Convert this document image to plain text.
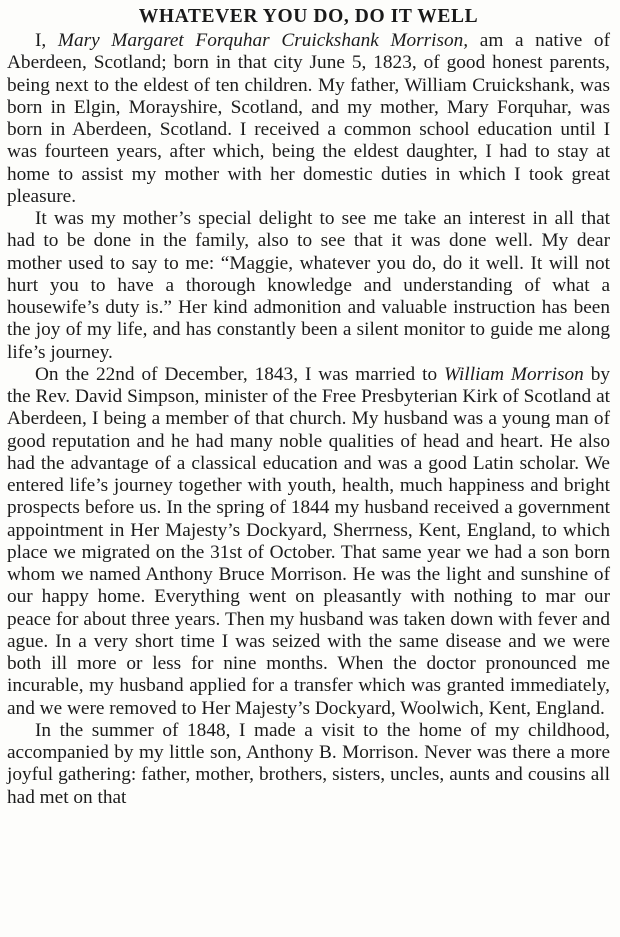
WHATEVER YOU DO, DO IT WELL

I, Mary Margaret Forquhar Cruickshank Morrison, am a native of Aberdeen, Scotland; born in that city June 5, 1823, of good honest parents, being next to the eldest of ten children. My father, William Cruickshank, was born in Elgin, Morayshire, Scotland, and my mother, Mary Forquhar, was born in Aberdeen, Scotland. I received a common school education until I was fourteen years, after which, being the eldest daughter, I had to stay at home to assist my mother with her domestic duties in which I took great pleasure.

It was my mother’s special delight to see me take an interest in all that had to be done in the family, also to see that it was done well. My dear mother used to say to me: “Maggie, whatever you do, do it well. It will not hurt you to have a thorough knowledge and understanding of what a housewife’s duty is.” Her kind admonition and valuable instruction has been the joy of my life, and has constantly been a silent monitor to guide me along life’s journey.

On the 22nd of December, 1843, I was married to William Morrison by the Rev. David Simpson, minister of the Free Presbyterian Kirk of Scotland at Aberdeen, I being a member of that church. My husband was a young man of good reputation and he had many noble qualities of head and heart. He also had the advantage of a classical education and was a good Latin scholar. We entered life’s journey together with youth, health, much happiness and bright prospects before us. In the spring of 1844 my husband received a government appointment in Her Majesty’s Dockyard, Sherrness, Kent, England, to which place we migrated on the 31st of October. That same year we had a son born whom we named Anthony Bruce Morrison. He was the light and sunshine of our happy home. Everything went on pleasantly with nothing to mar our peace for about three years. Then my husband was taken down with fever and ague. In a very short time I was seized with the same disease and we were both ill more or less for nine months. When the doctor pronounced me incurable, my husband applied for a transfer which was granted immediately, and we were removed to Her Majesty’s Dockyard, Woolwich, Kent, England.

In the summer of 1848, I made a visit to the home of my childhood, accompanied by my little son, Anthony B. Morrison. Never was there a more joyful gathering: father, mother, brothers, sisters, uncles, aunts and cousins all had met on that
